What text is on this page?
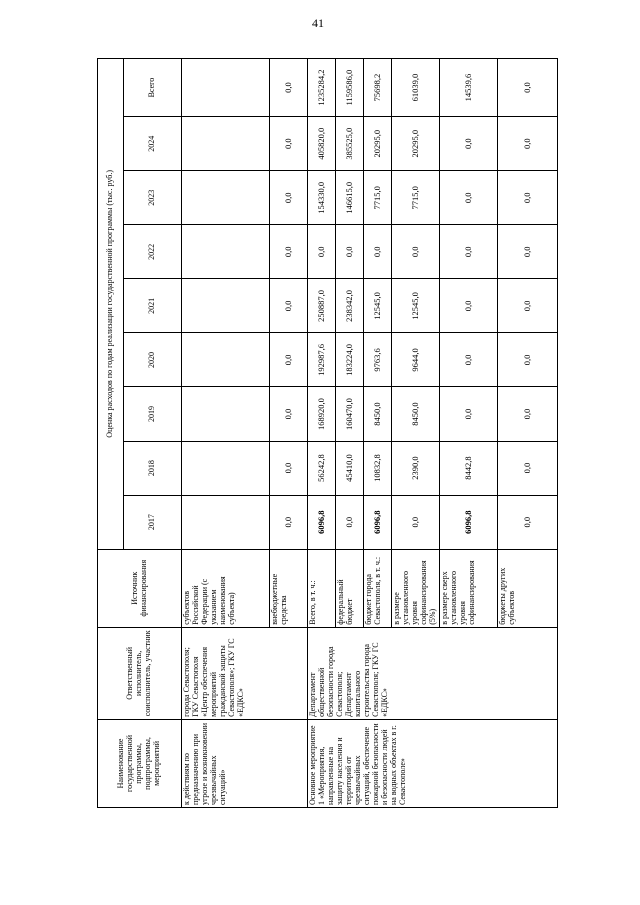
41
Наименование государственной программы, подпрограммы, мероприятий	Ответственный исполнитель, соисполнитель, участник	Источник финансирования	Оценка расходов по годам реализации государственной программы (тыс. руб.)								
			2017	2018	2019	2020	2021	2022	2023	2024	Всего
к действиям по предназначению при угрозе и возникновении чрезвычайных ситуаций»	города Севастополя; ГКУ Севастополя «Центр обеспечения мероприятий гражданской защиты Севастополя»; ГКУ ГС «ЕДКС»	субъектов Российской Федерации (с указанием наименования субъекта)									
		внебюджетные средства	0,0	0,0	0,0	0,0	0,0	0,0	0,0	0,0	0,0
Основное мероприятие 1 «Мероприятия, направленные на защиту населения и территорий от чрезвычайных ситуаций, обеспечение пожарной безопасности и безопасности людей на водных объектах в г. Севастополе»	Департамент общественной безопасности города Севастополя; Департамент капитального строительства города Севастополя; ГКУ ГС «ЕДКС»	Всего, в т. ч.:	6096,8	56242,8	168920,0	192987,6	250887,0	0,0	154330,0	405820,0	1235284,2
		федеральный бюджет	0,0	45410,0	160470,0	183224,0	238342,0	0,0	146615,0	385525,0	1159586,0
		бюджет города Севастополя, в т. ч.:	6096,8	10832,8	8450,0	9763,6	12545,0	0,0	7715,0	20295,0	75698,2
		в размере установленного уровня софинансирования (5%)	0,0	2390,0	8450,0	9644,0	12545,0	0,0	7715,0	20295,0	61039,0
		в размере сверх установленного уровня софинансирования	6096,8	8442,8	0,0	0,0	0,0	0,0	0,0	0,0	14539,6
		бюджеты других субъектов	0,0	0,0	0,0	0,0	0,0	0,0	0,0	0,0	0,0
